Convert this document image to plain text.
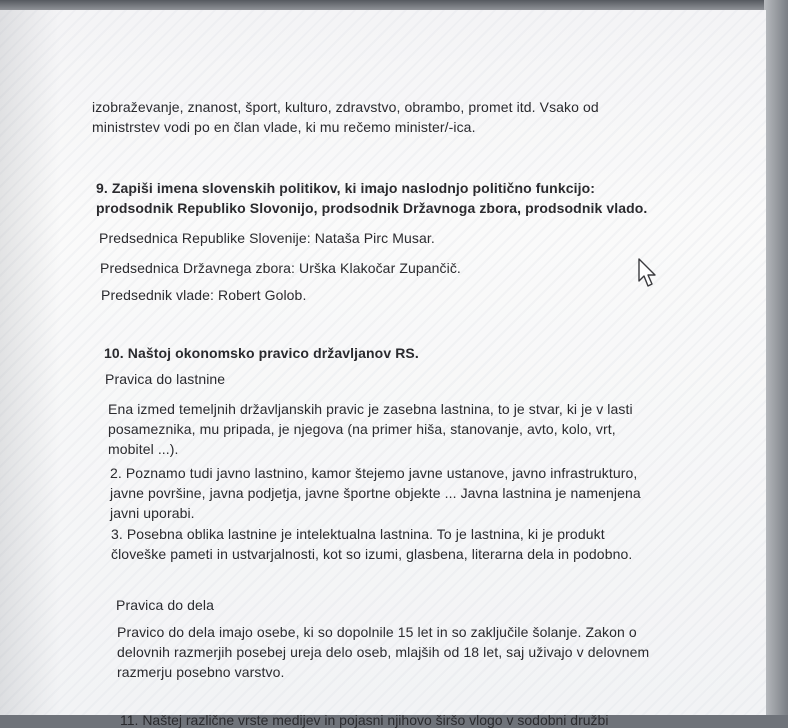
izobraževanje, znanost, šport, kulturo, zdravstvo, obrambo, promet itd. Vsako od

ministrstev vodi po en član vlade, ki mu rečemo minister/-ica.

9. Zapiši imena slovenskih politikov, ki imajo naslodnjo politično funkcijo:

prodsodnik Republiko Slovonijo, prodsodnik Državnoga zbora, prodsodnik vlado.

Predsednica Republike Slovenije: Nataša Pirc Musar.
Predsednica Državnega zbora: Urška Klakočar Zupančič.
Predsednik vlade: Robert Golob.
10. Naštoj okonomsko pravico državljanov RS.
Pravica do lastnine

Ena izmed temeljnih državljanskih pravic je zasebna lastnina, to je stvar, ki je v lasti

posameznika, mu pripada, je njegova (na primer hiša, stanovanje, avto, kolo, vrt,

mobitel ...).

2. Poznamo tudi javno lastnino, kamor štejemo javne ustanove, javno infrastrukturo,

javne površine, javna podjetja, javne športne objekte ... Javna lastnina je namenjena

javni uporabi.

3. Posebna oblika lastnine je intelektualna lastnina. To je lastnina, ki je produkt

človeške pameti in ustvarjalnosti, kot so izumi, glasbena, literarna dela in podobno.

Pravica do dela

Pravico do dela imajo osebe, ki so dopolnile 15 let in so zaključile šolanje. Zakon o

delovnih razmerjih posebej ureja delo oseb, mlajših od 18 let, saj uživajo v delovnem

razmerju posebno varstvo.

11. Naštej različne vrste medijev in pojasni njihovo širšo vlogo v sodobni družbi
